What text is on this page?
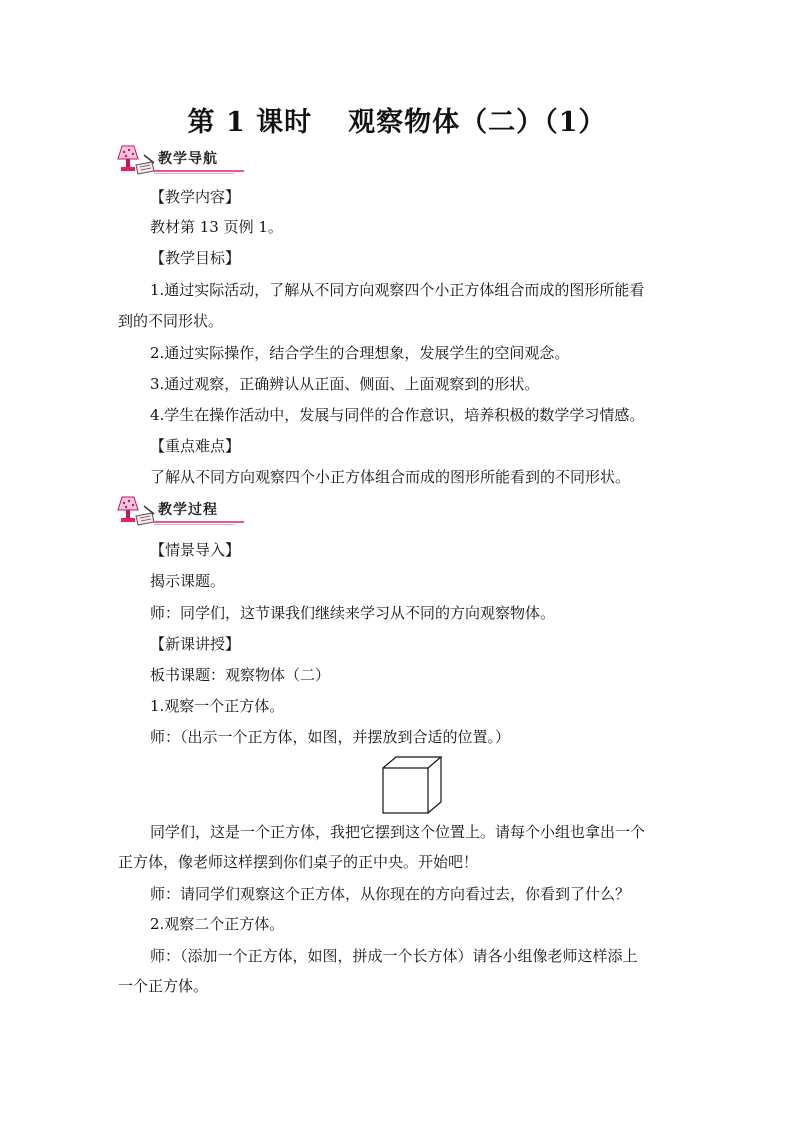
第 1 课时 观察物体（二）（1）
教学导航
教学过程
【教学内容】
教材第 13 页例 1。
【教学目标】
1.通过实际活动，了解从不同方向观察四个小正方体组合而成的图形所能看
到的不同形状。
2.通过实际操作，结合学生的合理想象，发展学生的空间观念。
3.通过观察，正确辨认从正面、侧面、上面观察到的形状。
4.学生在操作活动中，发展与同伴的合作意识，培养积极的数学学习情感。
【重点难点】
了解从不同方向观察四个小正方体组合而成的图形所能看到的不同形状。
【情景导入】
揭示课题。
师：同学们，这节课我们继续来学习从不同的方向观察物体。
【新课讲授】
板书课题：观察物体（二）
1.观察一个正方体。
师：（出示一个正方体，如图，并摆放到合适的位置。）
同学们，这是一个正方体，我把它摆到这个位置上。请每个小组也拿出一个
正方体，像老师这样摆到你们桌子的正中央。开始吧！
师：请同学们观察这个正方体，从你现在的方向看过去，你看到了什么？
2.观察二个正方体。
师：（添加一个正方体，如图，拼成一个长方体）请各小组像老师这样添上
一个正方体。
